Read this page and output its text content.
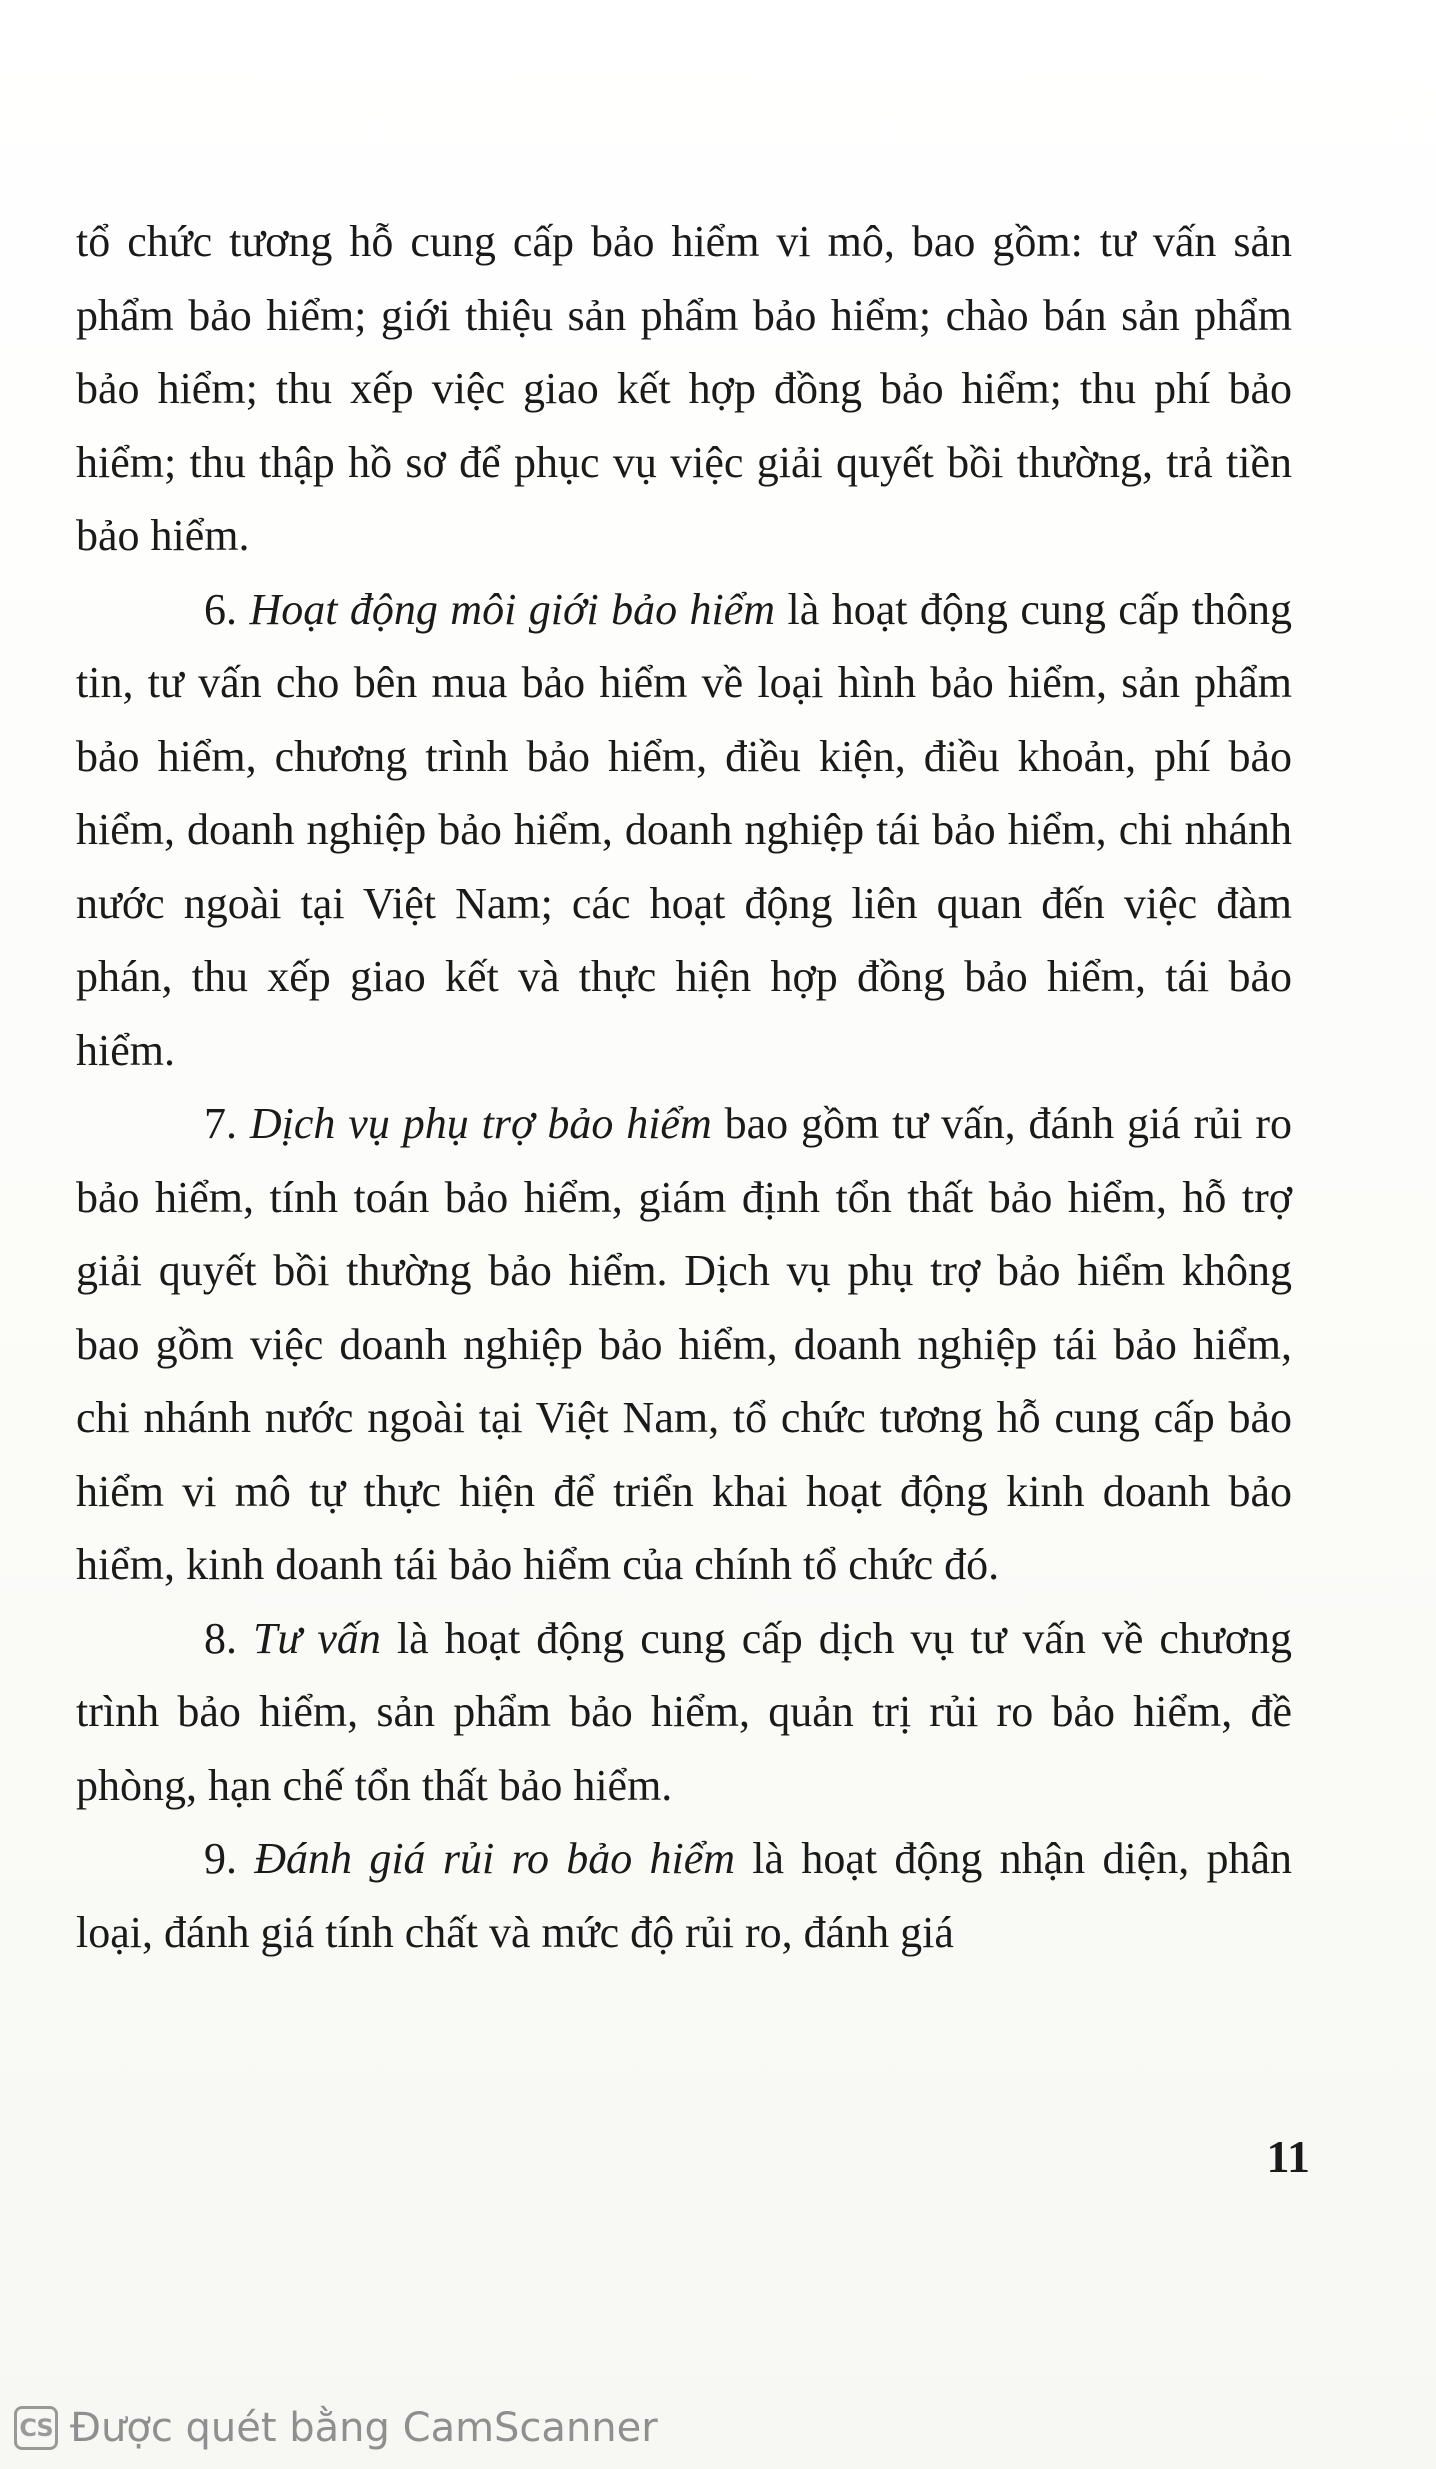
tổ chức tương hỗ cung cấp bảo hiểm vi mô, bao gồm: tư vấn sản phẩm bảo hiểm; giới thiệu sản phẩm bảo hiểm; chào bán sản phẩm bảo hiểm; thu xếp việc giao kết hợp đồng bảo hiểm; thu phí bảo hiểm; thu thập hồ sơ để phục vụ việc giải quyết bồi thường, trả tiền bảo hiểm.

6. Hoạt động môi giới bảo hiểm là hoạt động cung cấp thông tin, tư vấn cho bên mua bảo hiểm về loại hình bảo hiểm, sản phẩm bảo hiểm, chương trình bảo hiểm, điều kiện, điều khoản, phí bảo hiểm, doanh nghiệp bảo hiểm, doanh nghiệp tái bảo hiểm, chi nhánh nước ngoài tại Việt Nam; các hoạt động liên quan đến việc đàm phán, thu xếp giao kết và thực hiện hợp đồng bảo hiểm, tái bảo hiểm.

7. Dịch vụ phụ trợ bảo hiểm bao gồm tư vấn, đánh giá rủi ro bảo hiểm, tính toán bảo hiểm, giám định tổn thất bảo hiểm, hỗ trợ giải quyết bồi thường bảo hiểm. Dịch vụ phụ trợ bảo hiểm không bao gồm việc doanh nghiệp bảo hiểm, doanh nghiệp tái bảo hiểm, chi nhánh nước ngoài tại Việt Nam, tổ chức tương hỗ cung cấp bảo hiểm vi mô tự thực hiện để triển khai hoạt động kinh doanh bảo hiểm, kinh doanh tái bảo hiểm của chính tổ chức đó.

8. Tư vấn là hoạt động cung cấp dịch vụ tư vấn về chương trình bảo hiểm, sản phẩm bảo hiểm, quản trị rủi ro bảo hiểm, đề phòng, hạn chế tổn thất bảo hiểm.

9. Đánh giá rủi ro bảo hiểm là hoạt động nhận diện, phân loại, đánh giá tính chất và mức độ rủi ro, đánh giá

11
CS Được quét bằng CamScanner
